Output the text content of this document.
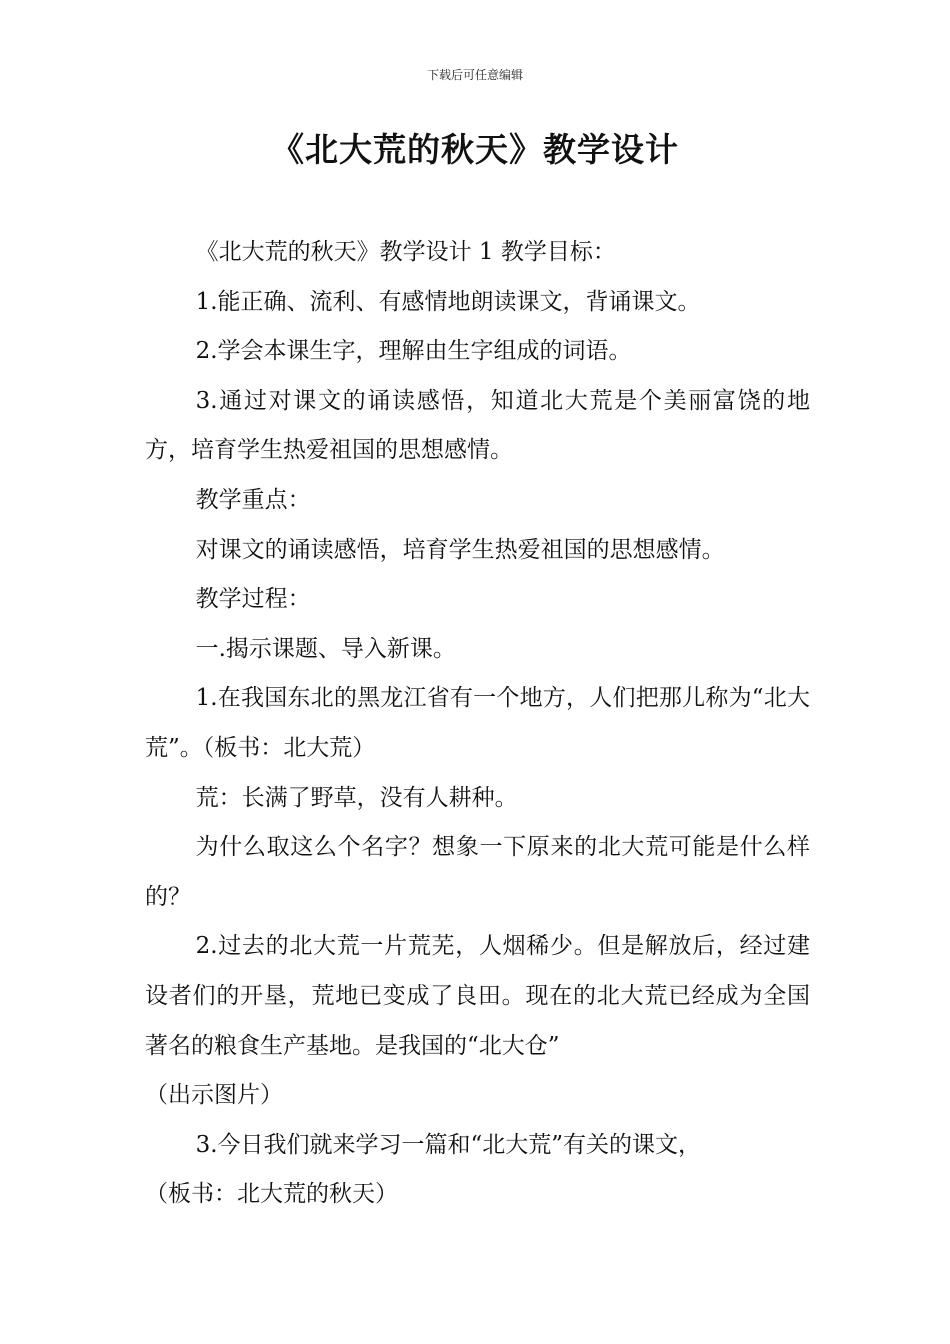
下载后可任意编辑
《北大荒的秋天》教学设计

《北大荒的秋天》教学设计 1 教学目标：

1.能正确、流利、有感情地朗读课文，背诵课文。

2.学会本课生字，理解由生字组成的词语。

3.通过对课文的诵读感悟，知道北大荒是个美丽富饶的地方，培育学生热爱祖国的思想感情。

教学重点：

对课文的诵读感悟，培育学生热爱祖国的思想感情。

教学过程：

一.揭示课题、导入新课。

1.在我国东北的黑龙江省有一个地方，人们把那儿称为“北大荒”。（板书：北大荒）

荒：长满了野草，没有人耕种。

为什么取这么个名字？想象一下原来的北大荒可能是什么样的？

2.过去的北大荒一片荒芜，人烟稀少。但是解放后，经过建设者们的开垦，荒地已变成了良田。现在的北大荒已经成为全国著名的粮食生产基地。是我国的“北大仓”

（出示图片）

3.今日我们就来学习一篇和“北大荒”有关的课文，

（板书：北大荒的秋天）
